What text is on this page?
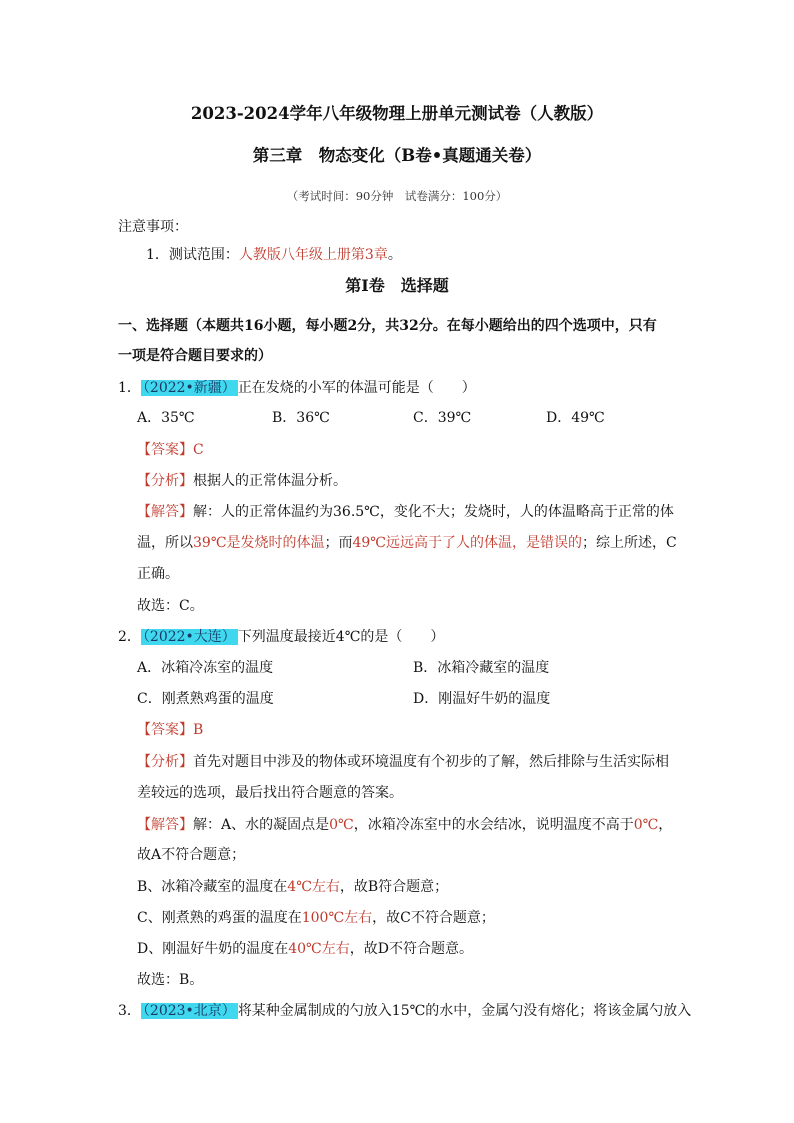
2023-2024学年八年级物理上册单元测试卷（人教版）
第三章　物态变化（B卷•真题通关卷）
（考试时间：90分钟　试卷满分：100分）
注意事项：
1．测试范围：人教版八年级上册第3章。
第Ⅰ卷　选择题
一、选择题（本题共16小题，每小题2分，共32分。在每小题给出的四个选项中，只有
一项是符合题目要求的）
1． （2022•新疆） 正在发烧的小军的体温可能是（　　）
A．35℃	B．36℃	C．39℃	D．49℃
【答案】C
【分析】根据人的正常体温分析。
【解答】解：人的正常体温约为36.5℃，变化不大；发烧时，人的体温略高于正常的体
温，所以39℃是发烧时的体温；而49℃远远高于了人的体温，是错误的；综上所述，C
正确。
故选：C。
2． （2022•大连） 下列温度最接近4℃的是（　　）
A．冰箱冷冻室的温度	B．冰箱冷藏室的温度
C．刚煮熟鸡蛋的温度	D．刚温好牛奶的温度
【答案】B
【分析】首先对题目中涉及的物体或环境温度有个初步的了解，然后排除与生活实际相
差较远的选项，最后找出符合题意的答案。
【解答】解：A、水的凝固点是0℃，冰箱冷冻室中的水会结冰，说明温度不高于0℃，
故A不符合题意；
B、冰箱冷藏室的温度在4℃左右，故B符合题意；
C、刚煮熟的鸡蛋的温度在100℃左右，故C不符合题意；
D、刚温好牛奶的温度在40℃左右，故D不符合题意。
故选：B。
3． （2023•北京） 将某种金属制成的勺放入15℃的水中，金属勺没有熔化；将该金属勺放入
